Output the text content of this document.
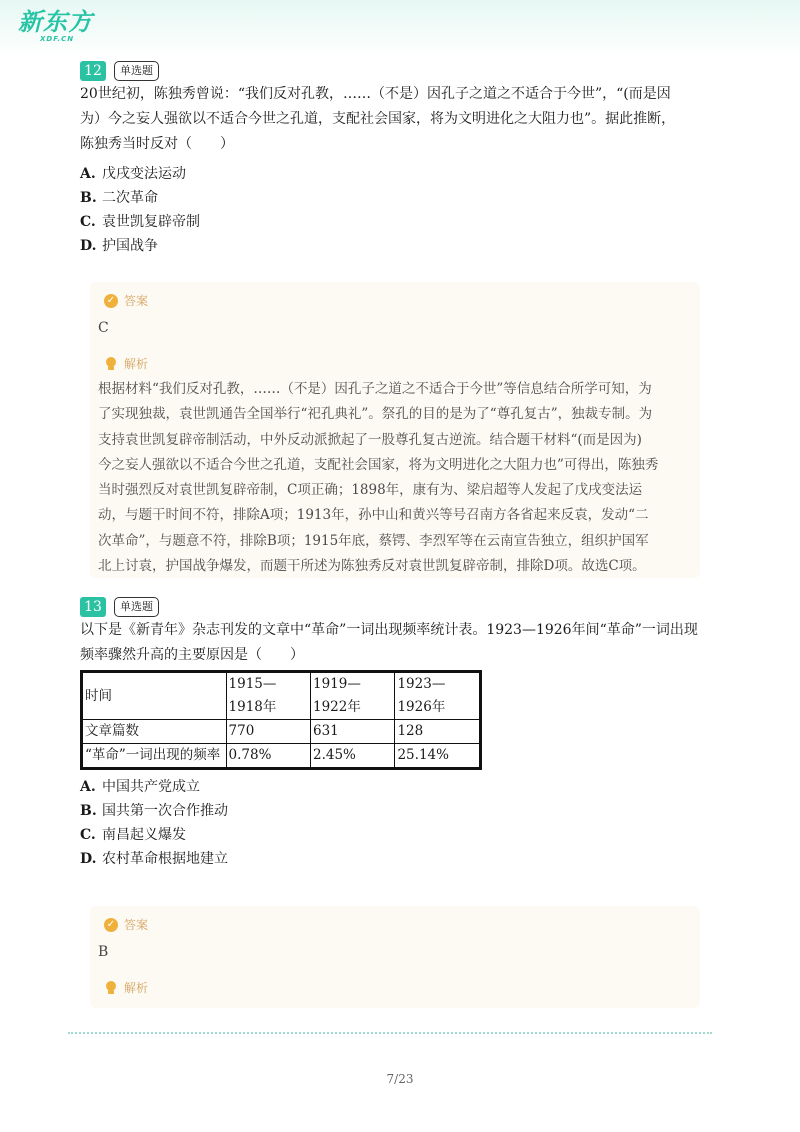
新东方
XDF.CN
12	单选题

20世纪初，陈独秀曾说：“我们反对孔教，……（不是）因孔子之道之不适合于今世”，“(而是因
为）今之妄人强欲以不适合今世之孔道，支配社会国家，将为文明进化之大阻力也”。据此推断，
陈独秀当时反对（　　）

A. 戊戌变法运动
B. 二次革命
C. 袁世凯复辟帝制
D. 护国战争
✓ 答案
C
解析

根据材料“我们反对孔教，……（不是）因孔子之道之不适合于今世”等信息结合所学可知，为
了实现独裁，袁世凯通告全国举行“祀孔典礼”。祭孔的目的是为了“尊孔复古”，独裁专制。为
支持袁世凯复辟帝制活动，中外反动派掀起了一股尊孔复古逆流。结合题干材料“(而是因为)
今之妄人强欲以不适合今世之孔道，支配社会国家，将为文明进化之大阻力也”可得出，陈独秀
当时强烈反对袁世凯复辟帝制，C项正确；1898年，康有为、梁启超等人发起了戊戌变法运
动，与题干时间不符，排除A项；1913年，孙中山和黄兴等号召南方各省起来反袁，发动“二
次革命”，与题意不符，排除B项；1915年底，蔡锷、李烈军等在云南宣告独立，组织护国军
北上讨袁，护国战争爆发，而题干所述为陈独秀反对袁世凯复辟帝制，排除D项。故选C项。

13	单选题

以下是《新青年》杂志刊发的文章中“革命”一词出现频率统计表。1923—1926年间“革命”一词出现
频率骤然升高的主要原因是（　　）

时间	1915—1918年	1919—1922年	1923—1926年
文章篇数	770	631	128
“革命”一词出现的频率	0.78%	2.45%	25.14%
A. 中国共产党成立
B. 国共第一次合作推动
C. 南昌起义爆发
D. 农村革命根据地建立
✓ 答案
B
解析
7/23
